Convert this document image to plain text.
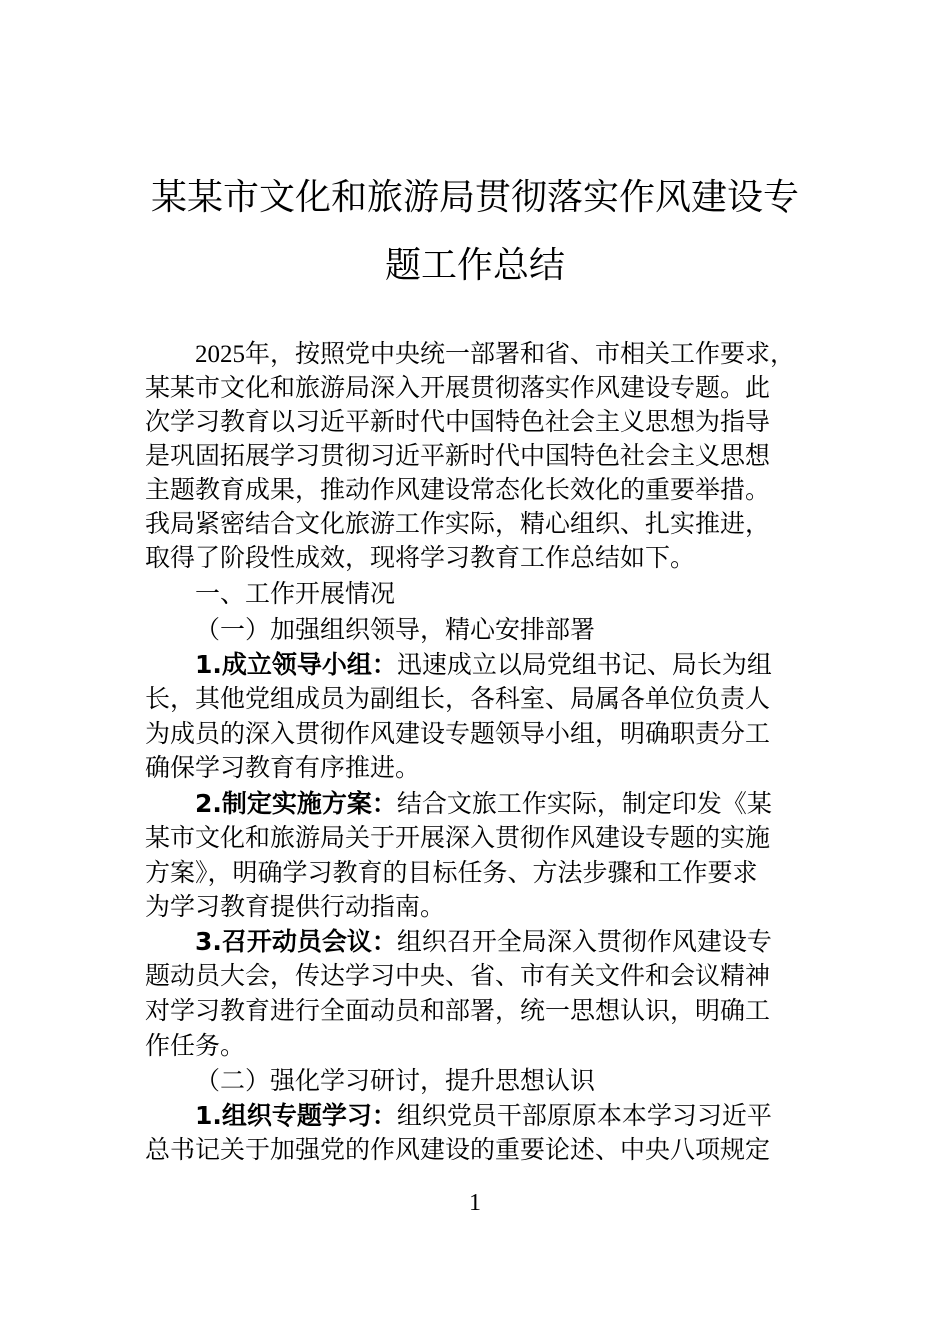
某某市文化和旅游局贯彻落实作风建设专
题工作总结
2025年，按照党中央统一部署和省、市相关工作要求，
某某市文化和旅游局深入开展贯彻落实作风建设专题。此
次学习教育以习近平新时代中国特色社会主义思想为指导
是巩固拓展学习贯彻习近平新时代中国特色社会主义思想
主题教育成果，推动作风建设常态化长效化的重要举措。
我局紧密结合文化旅游工作实际，精心组织、扎实推进，
取得了阶段性成效，现将学习教育工作总结如下。
一、工作开展情况
（一）加强组织领导，精心安排部署
1.成立领导小组：迅速成立以局党组书记、局长为组
长，其他党组成员为副组长，各科室、局属各单位负责人
为成员的深入贯彻作风建设专题领导小组，明确职责分工
确保学习教育有序推进。
2.制定实施方案：结合文旅工作实际，制定印发《某
某市文化和旅游局关于开展深入贯彻作风建设专题的实施
方案》，明确学习教育的目标任务、方法步骤和工作要求
为学习教育提供行动指南。
3.召开动员会议：组织召开全局深入贯彻作风建设专
题动员大会，传达学习中央、省、市有关文件和会议精神
对学习教育进行全面动员和部署，统一思想认识，明确工
作任务。
（二）强化学习研讨，提升思想认识
1.组织专题学习：组织党员干部原原本本学习习近平
总书记关于加强党的作风建设的重要论述、中央八项规定
1
